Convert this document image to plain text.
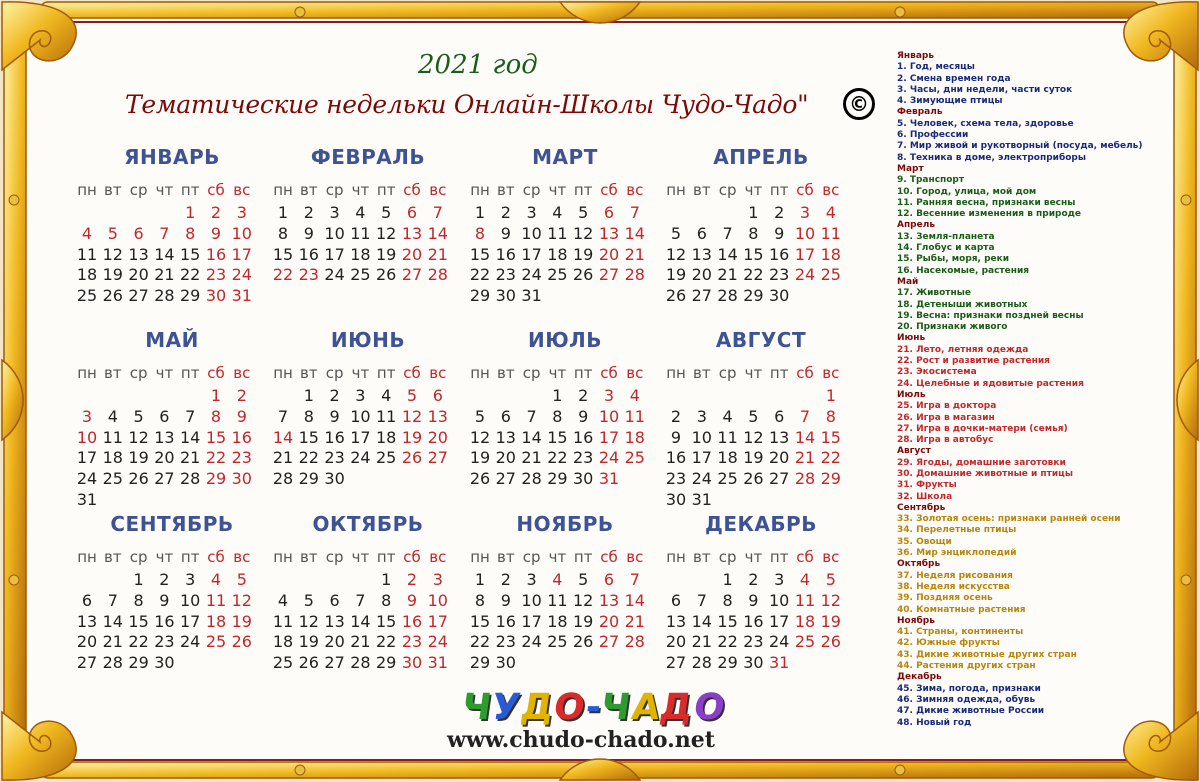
2021 год
Тематические недельки Онлайн-Школы Чудо-Чадо"	©
ЯНВАРЬ
пн вт ср чт пт сб вс
1 2 3
4 5 6 7 8 9 10
11 12 13 14 15 16 17
18 19 20 21 22 23 24
25 26 27 28 29 30 31
ФЕВРАЛЬ
пн вт ср чт пт сб вс
1 2 3 4 5 6 7
8 9 10 11 12 13 14
15 16 17 18 19 20 21
22 23 24 25 26 27 28
МАРТ
пн вт ср чт пт сб вс
1 2 3 4 5 6 7
8 9 10 11 12 13 14
15 16 17 18 19 20 21
22 23 24 25 26 27 28
29 30 31
АПРЕЛЬ
пн вт ср чт пт сб вс
1 2 3 4
5 6 7 8 9 10 11
12 13 14 15 16 17 18
19 20 21 22 23 24 25
26 27 28 29 30
МАЙ
пн вт ср чт пт сб вс
1 2
3 4 5 6 7 8 9
10 11 12 13 14 15 16
17 18 19 20 21 22 23
24 25 26 27 28 29 30
31
ИЮНЬ
пн вт ср чт пт сб вс
1 2 3 4 5 6
7 8 9 10 11 12 13
14 15 16 17 18 19 20
21 22 23 24 25 26 27
28 29 30
ИЮЛЬ
пн вт ср чт пт сб вс
1 2 3 4
5 6 7 8 9 10 11
12 13 14 15 16 17 18
19 20 21 22 23 24 25
26 27 28 29 30 31
АВГУСТ
пн вт ср чт пт сб вс
1
2 3 4 5 6 7 8
9 10 11 12 13 14 15
16 17 18 19 20 21 22
23 24 25 26 27 28 29
30 31
СЕНТЯБРЬ
пн вт ср чт пт сб вс
1 2 3 4 5
6 7 8 9 10 11 12
13 14 15 16 17 18 19
20 21 22 23 24 25 26
27 28 29 30
ОКТЯБРЬ
пн вт ср чт пт сб вс
1 2 3
4 5 6 7 8 9 10
11 12 13 14 15 16 17
18 19 20 21 22 23 24
25 26 27 28 29 30 31
НОЯБРЬ
пн вт ср чт пт сб вс
1 2 3 4 5 6 7
8 9 10 11 12 13 14
15 16 17 18 19 20 21
22 23 24 25 26 27 28
29 30
ДЕКАБРЬ
пн вт ср чт пт сб вс
1 2 3 4 5
6 7 8 9 10 11 12
13 14 15 16 17 18 19
20 21 22 23 24 25 26
27 28 29 30 31
Январь
1. Год, месяцы
2. Смена времен года
3. Часы, дни недели, части суток
4. Зимующие птицы
Февраль
5. Человек, схема тела, здоровье
6. Профессии
7. Мир живой и рукотворный (посуда, мебель)
8. Техника в доме, электроприборы
Март
9. Транспорт
10. Город, улица, мой дом
11. Ранняя весна, признаки весны
12. Весенние изменения в природе
Апрель
13. Земля-планета
14. Глобус и карта
15. Рыбы, моря, реки
16. Насекомые, растения
Май
17. Животные
18. Детеныши животных
19. Весна: признаки поздней весны
20. Признаки живого
Июнь
21. Лето, летняя одежда
22. Рост и развитие растения
23. Экосистема
24. Целебные и ядовитые растения
Июль
25. Игра в доктора
26. Игра в магазин
27. Игра в дочки-матери (семья)
28. Игра в автобус
Август
29. Ягоды, домашние заготовки
30. Домашние животные и птицы
31. Фрукты
32. Школа
Сентябрь
33. Золотая осень: признаки ранней осени
34. Перелетные птицы
35. Овощи
36. Мир энциклопедий
Октябрь
37. Неделя рисования
38. Неделя искусства
39. Поздняя осень
40. Комнатные растения
Ноябрь
41. Страны, континенты
42. Южные фрукты
43. Дикие животные других стран
44. Растения других стран
Декабрь
45. Зима, погода, признаки
46. Зимняя одежда, обувь
47. Дикие животные России
48. Новый год
ЧУДО-ЧАДО
www.chudo-chado.net
